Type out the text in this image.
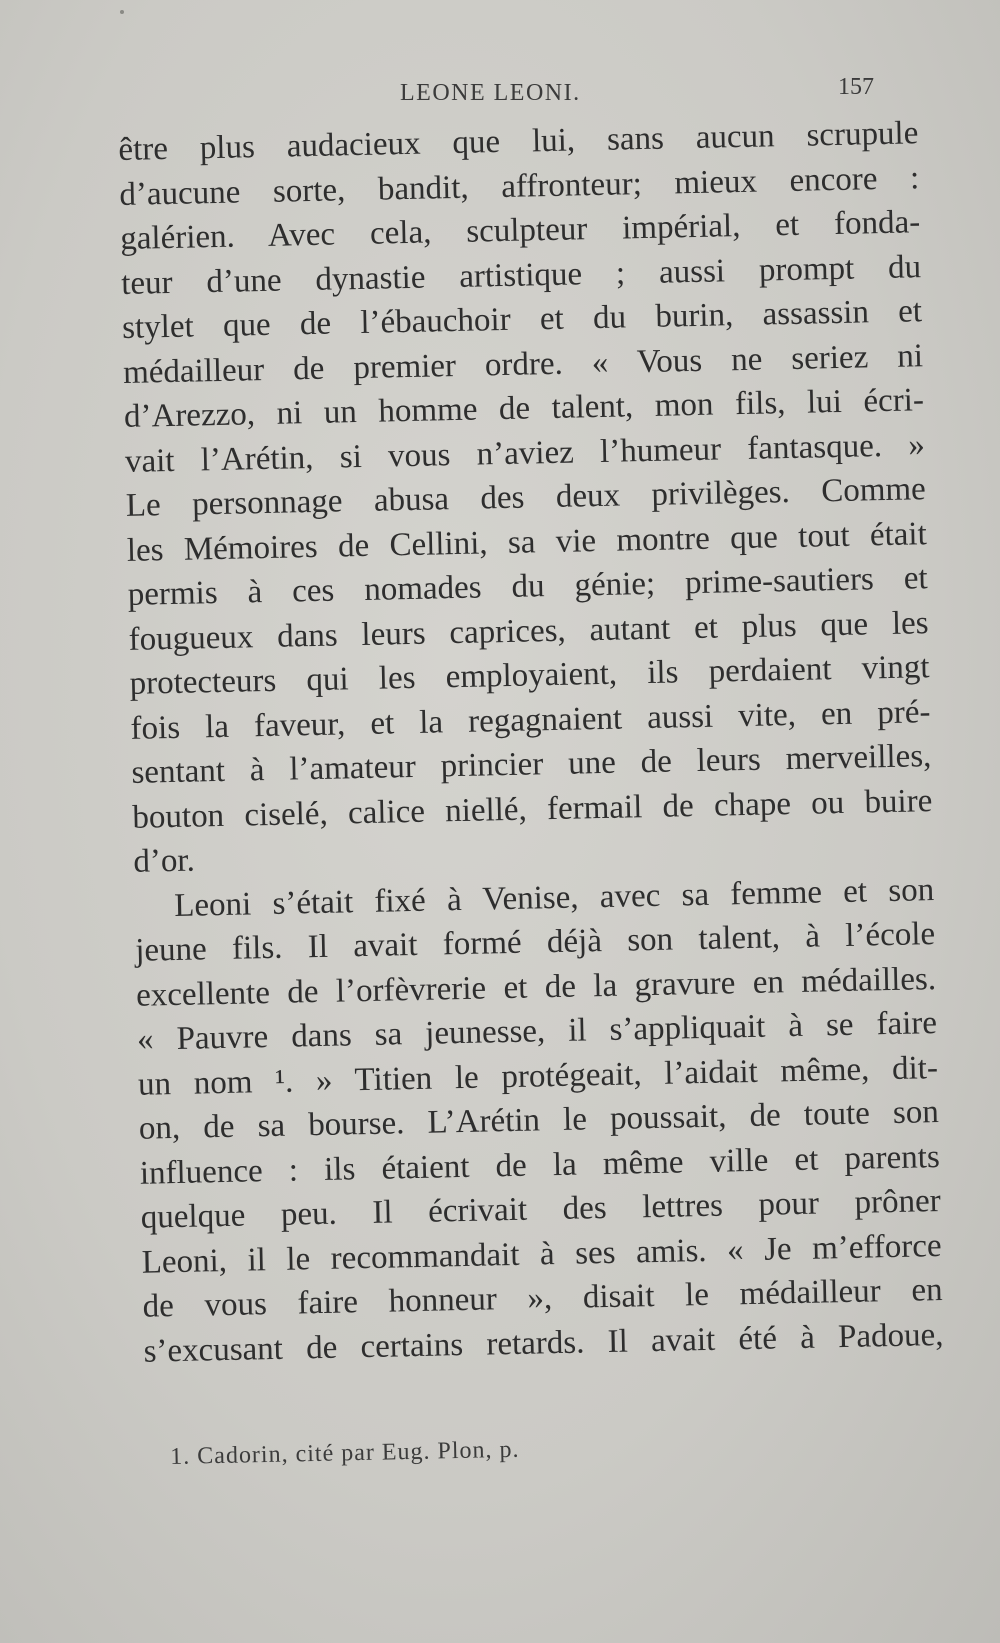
LEONE LEONI.	157
être plus audacieux que lui, sans aucun scrupule
d’aucune sorte, bandit, affronteur; mieux encore :
galérien. Avec cela, sculpteur impérial, et fonda-
teur d’une dynastie artistique ; aussi prompt du
stylet que de l’ébauchoir et du burin, assassin et
médailleur de premier ordre. « Vous ne seriez ni
d’Arezzo, ni un homme de talent, mon fils, lui écri-
vait l’Arétin, si vous n’aviez l’humeur fantasque. »
Le personnage abusa des deux privilèges. Comme
les Mémoires de Cellini, sa vie montre que tout était
permis à ces nomades du génie; prime-sautiers et
fougueux dans leurs caprices, autant et plus que les
protecteurs qui les employaient, ils perdaient vingt
fois la faveur, et la regagnaient aussi vite, en pré-
sentant à l’amateur princier une de leurs merveilles,
bouton ciselé, calice niellé, fermail de chape ou buire
d’or.
Leoni s’était fixé à Venise, avec sa femme et son
jeune fils. Il avait formé déjà son talent, à l’école
excellente de l’orfèvrerie et de la gravure en médailles.
« Pauvre dans sa jeunesse, il s’appliquait à se faire
un nom ¹. » Titien le protégeait, l’aidait même, dit-
on, de sa bourse. L’Arétin le poussait, de toute son
influence : ils étaient de la même ville et parents
quelque peu. Il écrivait des lettres pour prôner
Leoni, il le recommandait à ses amis. « Je m’efforce
de vous faire honneur », disait le médailleur en
s’excusant de certains retards. Il avait été à Padoue,
1. Cadorin, cité par Eug. Plon, p.
